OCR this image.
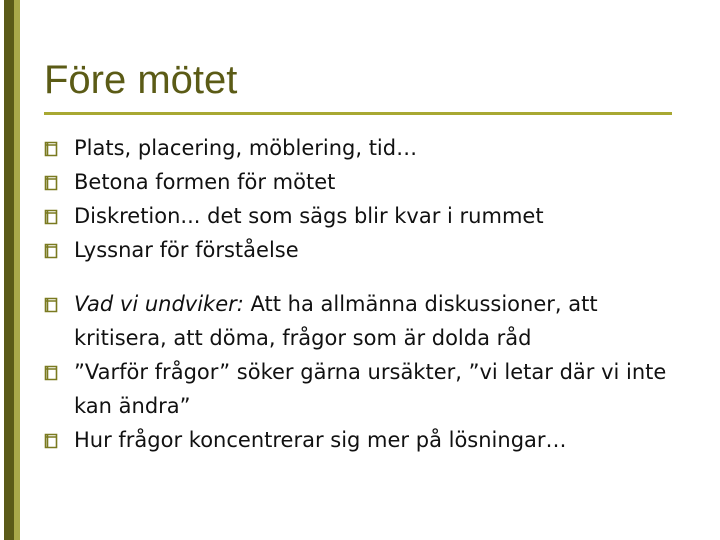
Före mötet
Plats, placering, möblering, tid…
Betona formen för mötet
Diskretion... det som sägs blir kvar i rummet
Lyssnar för förståelse
Vad vi undviker: Att ha allmänna diskussioner, att kritisera, att döma, frågor som är dolda råd
”Varför frågor” söker gärna ursäkter, ”vi letar där vi inte kan ändra”
Hur frågor koncentrerar sig mer på lösningar…
